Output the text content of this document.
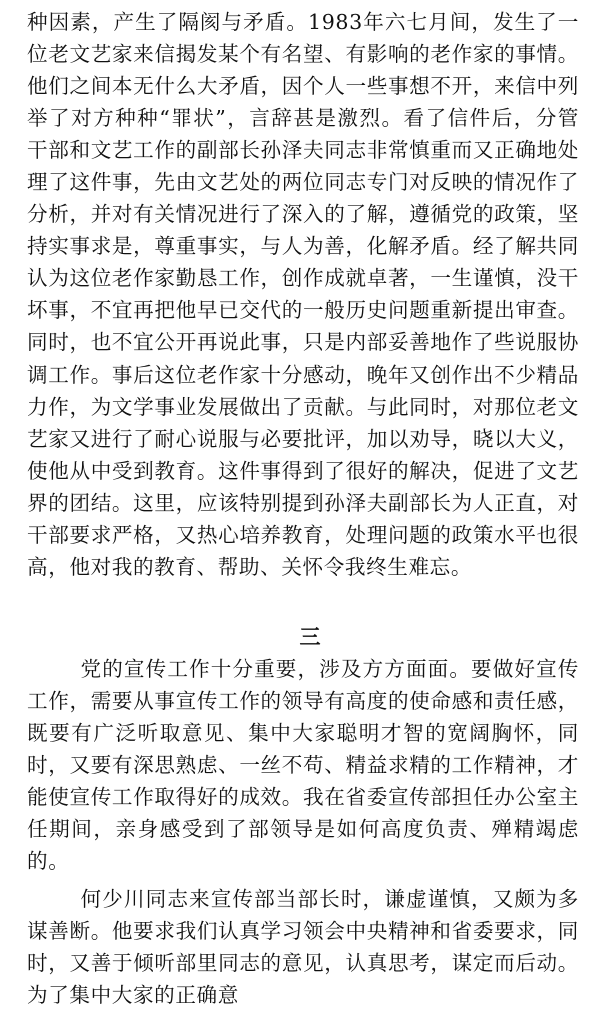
种因素，产生了隔阂与矛盾。1983年六七月间，发生了一位老文艺家来信揭发某个有名望、有影响的老作家的事情。他们之间本无什么大矛盾，因个人一些事想不开，来信中列举了对方种种“罪状”，言辞甚是激烈。看了信件后，分管干部和文艺工作的副部长孙泽夫同志非常慎重而又正确地处理了这件事，先由文艺处的两位同志专门对反映的情况作了分析，并对有关情况进行了深入的了解，遵循党的政策，坚持实事求是，尊重事实，与人为善，化解矛盾。经了解共同认为这位老作家勤恳工作，创作成就卓著，一生谨慎，没干坏事，不宜再把他早已交代的一般历史问题重新提出审查。同时，也不宜公开再说此事，只是内部妥善地作了些说服协调工作。事后这位老作家十分感动，晚年又创作出不少精品力作，为文学事业发展做出了贡献。与此同时，对那位老文艺家又进行了耐心说服与必要批评，加以劝导，晓以大义，使他从中受到教育。这件事得到了很好的解决，促进了文艺界的团结。这里，应该特别提到孙泽夫副部长为人正直，对干部要求严格，又热心培养教育，处理问题的政策水平也很高，他对我的教育、帮助、关怀令我终生难忘。

三

党的宣传工作十分重要，涉及方方面面。要做好宣传工作，需要从事宣传工作的领导有高度的使命感和责任感，既要有广泛听取意见、集中大家聪明才智的宽阔胸怀，同时，又要有深思熟虑、一丝不苟、精益求精的工作精神，才能使宣传工作取得好的成效。我在省委宣传部担任办公室主任期间，亲身感受到了部领导是如何高度负责、殚精竭虑的。

何少川同志来宣传部当部长时，谦虚谨慎，又颇为多谋善断。他要求我们认真学习领会中央精神和省委要求，同时，又善于倾听部里同志的意见，认真思考，谋定而后动。为了集中大家的正确意
